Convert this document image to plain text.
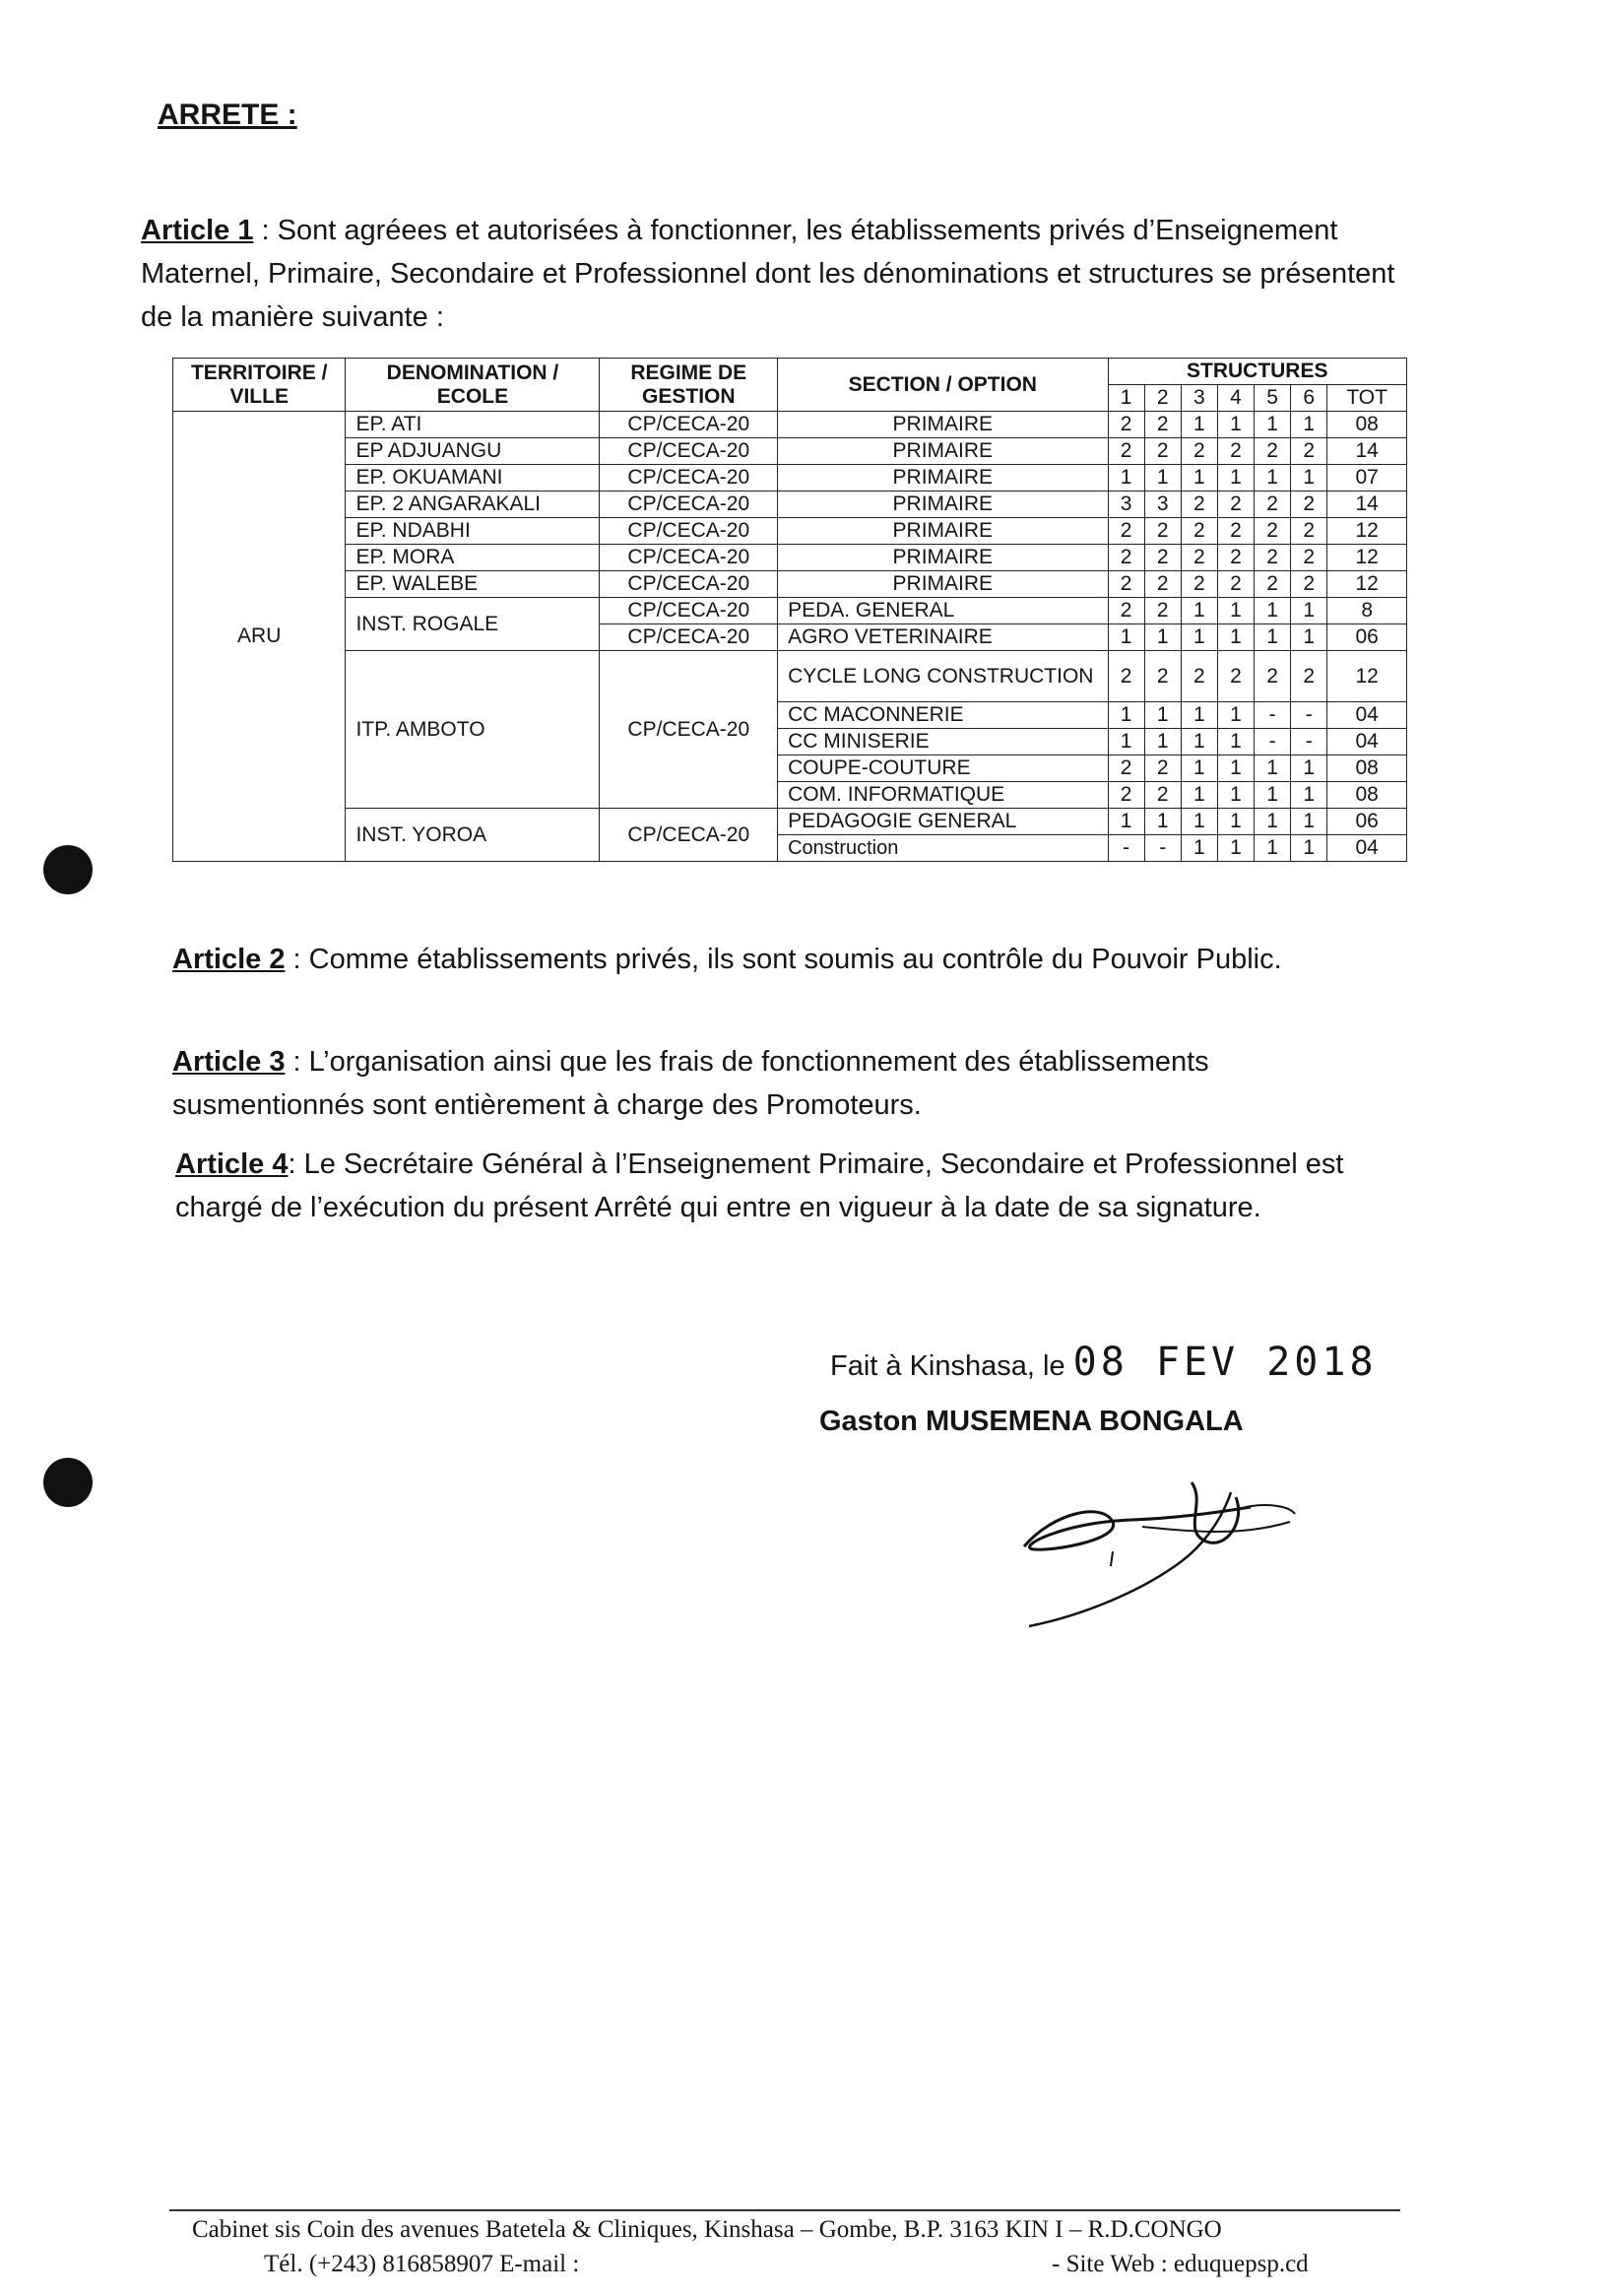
ARRETE :
Article 1 : Sont agréees et autorisées à fonctionner, les établissements privés d’Enseignement Maternel, Primaire, Secondaire et Professionnel dont les dénominations et structures se présentent de la manière suivante :
TERRITOIRE / VILLE	DENOMINATION / ECOLE	REGIME DE GESTION	SECTION / OPTION	STRUCTURES						
				1	2	3	4	5	6	TOT
ARU	EP. ATI	CP/CECA-20	PRIMAIRE	2	2	1	1	1	1	08
	EP ADJUANGU	CP/CECA-20	PRIMAIRE	2	2	2	2	2	2	14
	EP. OKUAMANI	CP/CECA-20	PRIMAIRE	1	1	1	1	1	1	07
	EP. 2 ANGARAKALI	CP/CECA-20	PRIMAIRE	3	3	2	2	2	2	14
	EP. NDABHI	CP/CECA-20	PRIMAIRE	2	2	2	2	2	2	12
	EP. MORA	CP/CECA-20	PRIMAIRE	2	2	2	2	2	2	12
	EP. WALEBE	CP/CECA-20	PRIMAIRE	2	2	2	2	2	2	12
	INST. ROGALE	CP/CECA-20	PEDA. GENERAL	2	2	1	1	1	1	8
		CP/CECA-20	AGRO VETERINAIRE	1	1	1	1	1	1	06
	ITP. AMBOTO	CP/CECA-20	CYCLE LONG CONSTRUCTION	2	2	2	2	2	2	12
			CC MACONNERIE	1	1	1	1	-	-	04
			CC MINISERIE	1	1	1	1	-	-	04
			COUPE-COUTURE	2	2	1	1	1	1	08
			COM. INFORMATIQUE	2	2	1	1	1	1	08
	INST. YOROA	CP/CECA-20	PEDAGOGIE GENERAL	1	1	1	1	1	1	06
			Construction	-	-	1	1	1	1	04
Article 2 : Comme établissements privés, ils sont soumis au contrôle du Pouvoir Public.
Article 3 : L’organisation ainsi que les frais de fonctionnement des établissements susmentionnés sont entièrement à charge des Promoteurs.
Article 4: Le Secrétaire Général à l’Enseignement Primaire, Secondaire et Professionnel est chargé de l’exécution du présent Arrêté qui entre en vigueur à la date de sa signature.
Fait à Kinshasa, le 08 FEV 2018
Gaston MUSEMENA BONGALA
Cabinet sis Coin des avenues Batetela & Cliniques, Kinshasa – Gombe, B.P. 3163 KIN I – R.D.CONGO
Tél. (+243) 816858907 E-mail :	- Site Web : eduquepsp.cd
